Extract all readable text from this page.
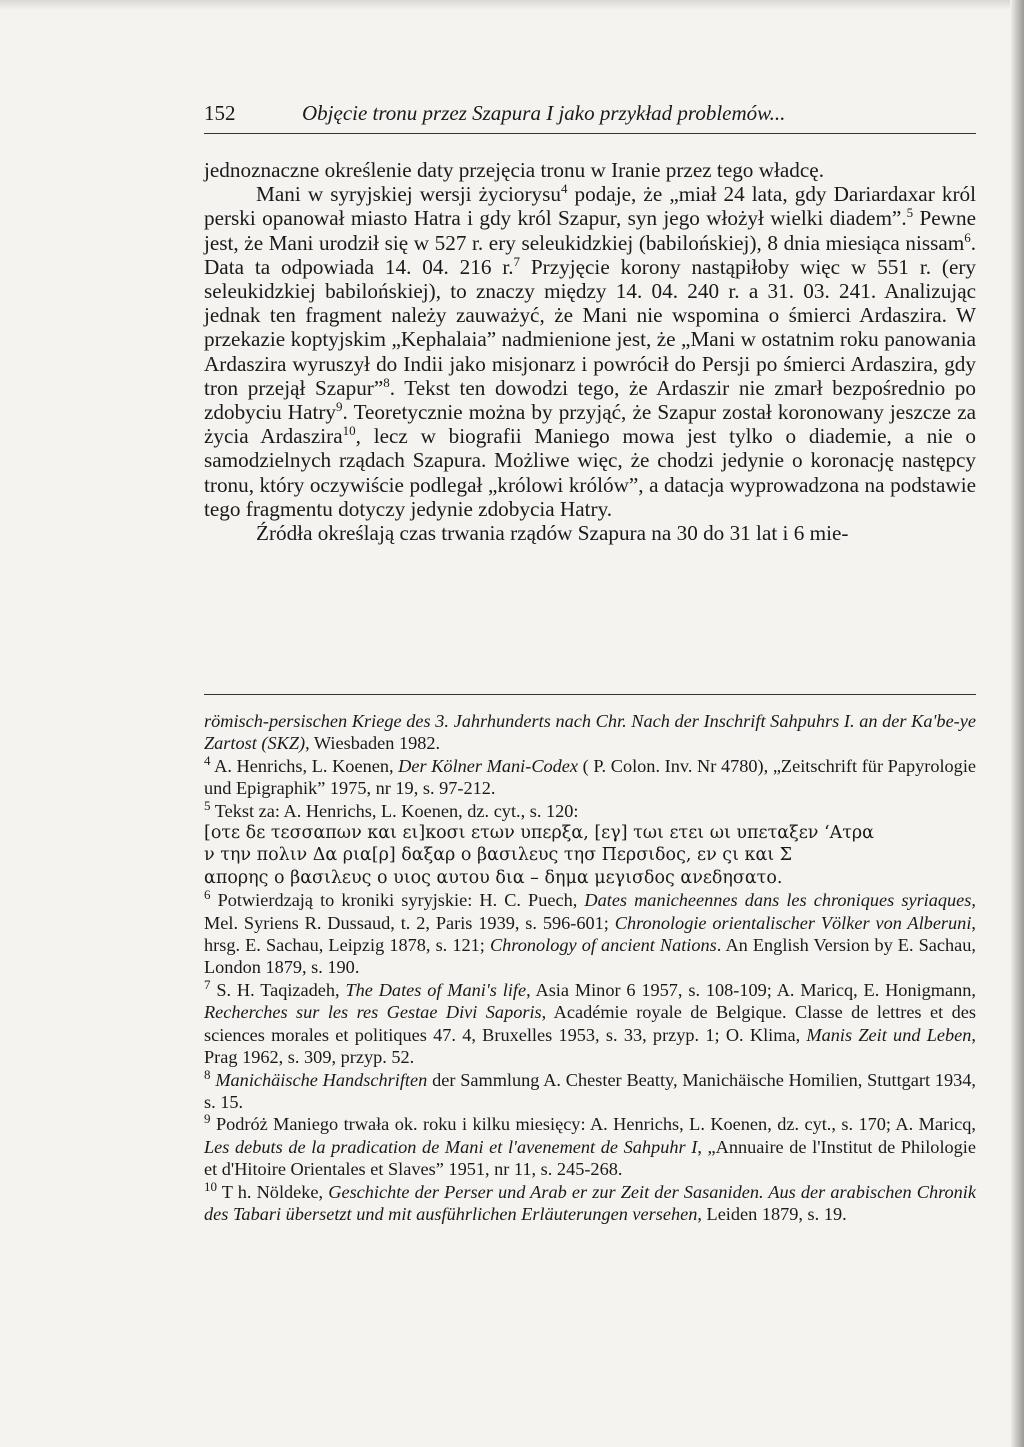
152	Objęcie tronu przez Szapura I jako przykład problemów...

jednoznaczne określenie daty przejęcia tronu w Iranie przez tego władcę.

Mani w syryjskiej wersji życiorysu$^4$ podaje, że „miał 24 lata, gdy Dariardaxar król perski opanował miasto Hatra i gdy król Szapur, syn jego włożył wielki diadem”.$^5$ Pewne jest, że Mani urodził się w 527 r. ery seleukidzkiej (babilońskiej), 8 dnia miesiąca nissam$^6$. Data ta odpowiada 14. 04. 216 r.$^7$ Przyjęcie korony nastąpiłoby więc w 551 r. (ery seleukidzkiej babilońskiej), to znaczy między 14. 04. 240 r. a 31. 03. 241. Analizując jednak ten fragment należy zauważyć, że Mani nie wspomina o śmierci Ardaszira. W przekazie koptyjskim „Kephalaia” nadmienione jest, że „Mani w ostatnim roku panowania Ardaszira wyruszył do Indii jako misjonarz i powrócił do Persji po śmierci Ardaszira, gdy tron przejął Szapur”$^8$. Tekst ten dowodzi tego, że Ardaszir nie zmarł bezpośrednio po zdobyciu Hatry$^9$. Teoretycznie można by przyjąć, że Szapur został koronowany jeszcze za życia Ardaszira$^{10}$, lecz w biografii Maniego mowa jest tylko o diademie, a nie o samodzielnych rządach Szapura. Możliwe więc, że chodzi jedynie o koronację następcy tronu, który oczywiście podlegał „królowi królów”, a datacja wyprowadzona na podstawie tego fragmentu dotyczy jedynie zdobycia Hatry.

Źródła określają czas trwania rządów Szapura na 30 do 31 lat i 6 mie-

römisch-persischen Kriege des 3. Jahrhunderts nach Chr. Nach der Inschrift Sahpuhrs I. an der Ka'be-ye Zartost (SKZ), Wiesbaden 1982.

$^4$ A. Henrichs, L. Koenen, Der Kölner Mani-Codex ( P. Colon. Inv. Nr 4780), „Zeitschrift für Papyrologie und Epigraphik” 1975, nr 19, s. 97-212.

$^5$ Tekst za: A. Henrichs, L. Koenen, dz. cyt., s. 120:

[οτε δε τεσσαπων και ει]κοσι ετων υπερξα, [εγ] τωι ετει ωι υπεταξεν ʻΑτρα

ν την πολιν Δα ρια[ρ] δαξαρ ο βασιλευς τησ Περσιδος, εν ςι και Σ

απορης ο βασιλευς ο υιος αυτου δια – δημα μεγισδος ανεδησατο.

$^6$ Potwierdzają to kroniki syryjskie: H. C. Puech, Dates manicheennes dans les chroniques syriaques, Mel. Syriens R. Dussaud, t. 2, Paris 1939, s. 596-601; Chronologie orientalischer Völker von Alberuni, hrsg. E. Sachau, Leipzig 1878, s. 121; Chronology of ancient Nations. An English Version by E. Sachau, London 1879, s. 190.

$^7$ S. H. Taqizadeh, The Dates of Mani's life, Asia Minor 6 1957, s. 108-109; A. Maricq, E. Honigmann, Recherches sur les res Gestae Divi Saporis, Académie royale de Belgique. Classe de lettres et des sciences morales et politiques 47. 4, Bruxelles 1953, s. 33, przyp. 1; O. Klima, Manis Zeit und Leben, Prag 1962, s. 309, przyp. 52.

$^8$ Manichäische Handschriften der Sammlung A. Chester Beatty, Manichäische Homilien, Stuttgart 1934, s. 15.

$^9$ Podróż Maniego trwała ok. roku i kilku miesięcy: A. Henrichs, L. Koenen, dz. cyt., s. 170; A. Maricq, Les debuts de la pradication de Mani et l'avenement de Sahpuhr I, „Annuaire de l'Institut de Philologie et d'Hitoire Orientales et Slaves” 1951, nr 11, s. 245-268.

$^{10}$ T h. Nöldeke, Geschichte der Perser und Arab er zur Zeit der Sasaniden. Aus der arabischen Chronik des Tabari übersetzt und mit ausführlichen Erläuterungen versehen, Leiden 1879, s. 19.
